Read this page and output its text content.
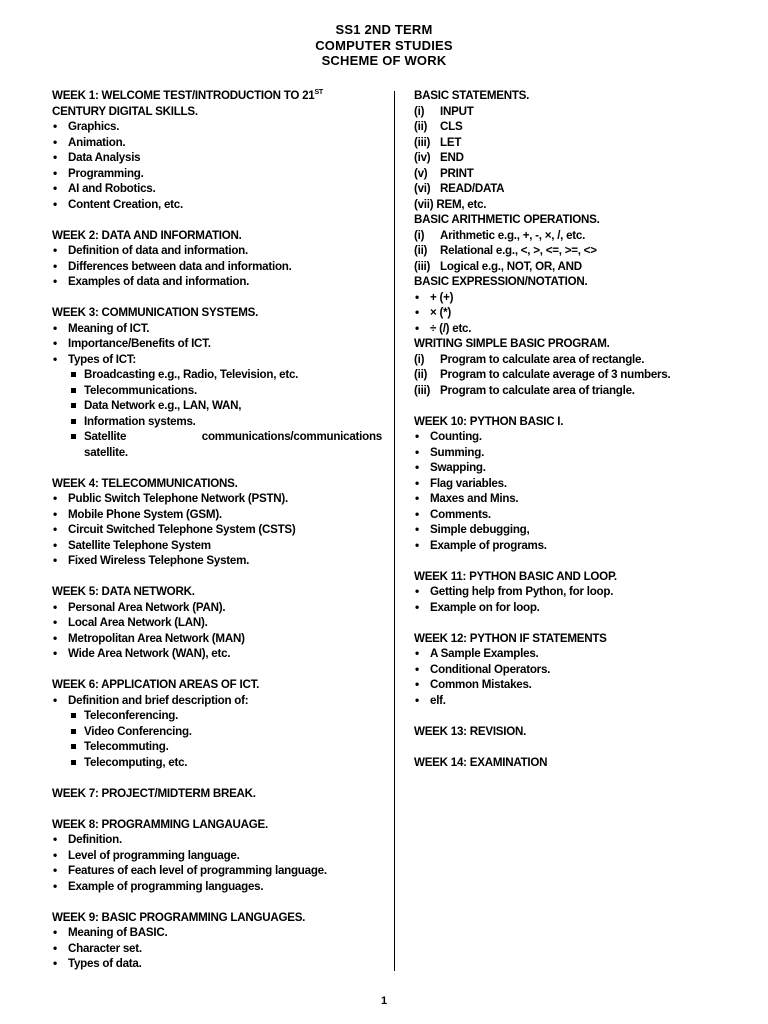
SS1 2ND TERM
COMPUTER STUDIES
SCHEME OF WORK
WEEK 1: WELCOME TEST/INTRODUCTION TO 21ST
CENTURY DIGITAL SKILLS.
• Graphics.
• Animation.
• Data Analysis
• Programming.
• AI and Robotics.
• Content Creation, etc.
WEEK 2: DATA AND INFORMATION.
• Definition of data and information.
• Differences between data and information.
• Examples of data and information.
WEEK 3: COMMUNICATION SYSTEMS.
• Meaning of ICT.
• Importance/Benefits of ICT.
• Types of ICT:
Broadcasting e.g., Radio, Television, etc.
Telecommunications.
Data Network e.g., LAN, WAN,
Information systems.
Satellite	communications/communications
satellite.
WEEK 4: TELECOMMUNICATIONS.
• Public Switch Telephone Network (PSTN).
• Mobile Phone System (GSM).
• Circuit Switched Telephone System (CSTS)
• Satellite Telephone System
• Fixed Wireless Telephone System.
WEEK 5: DATA NETWORK.
• Personal Area Network (PAN).
• Local Area Network (LAN).
• Metropolitan Area Network (MAN)
• Wide Area Network (WAN), etc.
WEEK 6: APPLICATION AREAS OF ICT.
• Definition and brief description of:
Teleconferencing.
Video Conferencing.
Telecommuting.
Telecomputing, etc.
WEEK 7: PROJECT/MIDTERM BREAK.
WEEK 8: PROGRAMMING LANGAUAGE.
• Definition.
• Level of programming language.
• Features of each level of programming language.
• Example of programming languages.
WEEK 9: BASIC PROGRAMMING LANGUAGES.
• Meaning of BASIC.
• Character set.
• Types of data.
BASIC STATEMENTS.
(i)	INPUT
(ii)	CLS
(iii) LET
(iv) END
(v)	PRINT
(vi) READ/DATA
(vii) REM, etc.
BASIC ARITHMETIC OPERATIONS.
(i)	Arithmetic e.g., +, -, ×, /, etc.
(ii)	Relational e.g., <, >, <=, >=, <>
(iii) Logical e.g., NOT, OR, AND
BASIC EXPRESSION/NOTATION.
• + (+)
• × (*)
• ÷ (/) etc.
WRITING SIMPLE BASIC PROGRAM.
(i)	Program to calculate area of rectangle.
(ii)	Program to calculate average of 3 numbers.
(iii) Program to calculate area of triangle.
WEEK 10: PYTHON BASIC I.
• Counting.
• Summing.
• Swapping.
• Flag variables.
• Maxes and Mins.
• Comments.
• Simple debugging,
• Example of programs.
WEEK 11: PYTHON BASIC AND LOOP.
• Getting help from Python, for loop.
• Example on for loop.
WEEK 12: PYTHON IF STATEMENTS
• A Sample Examples.
• Conditional Operators.
• Common Mistakes.
• elf.
WEEK 13: REVISION.
WEEK 14: EXAMINATION
1
